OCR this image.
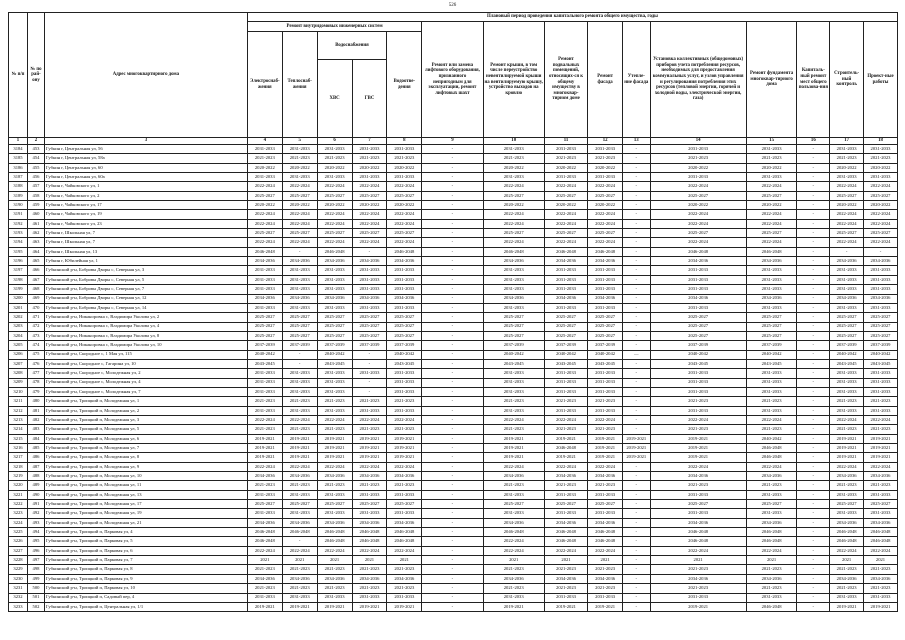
526
№ п/п	№ по рай-ону	Адрес многоквартирного дома	Плановый период проведения капитального ремонта общего имущества, годы														
			Ремонт внутридомовых инженерных систем					Ремонт или замена лифтового оборудования, признанного непригодным для эксплуатации, ремонт лифтовых шахт	Ремонт крыши, в том числе переустройство невентилируемой крыши на вентилируемую крышу, устройство выходов на кровлю	Ремонт подвальных помещений, относящих-ся к общему имуществу в многоквар-тирном доме	Ремонт фасада	Утепле-ние фасада	Установка коллективных (общедомовых) приборов учета потребления ресурсов, необходимых для предоставления коммунальных услуг, и узлов управления и регулирования потребления этих ресурсов (тепловой энергии, горячей и холодной воды, электрической энергии, газа)	Ремонт фундамента многоквар-тирного дома	Капиталь-ный ремонт мест общего пользова-ния	Строитель-ный контроль	Проект-ные работы
			Электроснаб-жения	Теплоснаб-жения	Водоснабжения		Водоотве-дения										
					ХВС	ГВС											
1	2	3	4	5	6	7	8	9	10	11	12	13	14	15	16	17	18
3184	453	Губкин г, Центральная ул, 56	2031-2033	2031-2033	2031-2033	2031-2033	2031-2033	-	2031-2033	2031-2033	2031-2033	-	2031-2033	2031-2033	-	2031-2033	2031-2033
3185	454	Губкин г, Центральная ул, 58а	2021-2023	2021-2023	2021-2023	2021-2023	2021-2023	-	2021-2023	2021-2023	2021-2023	-	2021-2023	2021-2023	-	2021-2023	2021-2023
3186	455	Губкин г, Центральная ул, 60	2020-2022	2020-2022	2020-2022	2020-2022	2020-2022	-	2020-2022	2020-2022	2020-2022	-	2020-2022	2020-2022	-	2020-2022	2020-2022
3187	456	Губкин г, Центральная ул, 60а	2031-2033	2031-2033	2031-2033	2031-2033	2031-2033	-	2031-2033	2031-2033	2031-2033	-	2031-2033	2031-2033	-	2031-2033	2031-2033
3188	457	Губкин г, Чайковского ул, 1	2022-2024	2022-2024	2022-2024	2022-2024	2022-2024	-	2022-2024	2022-2024	2022-2024	-	2022-2024	2022-2024	-	2022-2024	2022-2024
3189	458	Губкин г, Чайковского ул, 2	2025-2027	2025-2027	2025-2027	2025-2027	2025-2027	-	2025-2027	2025-2027	2025-2027	-	2025-2027	2025-2027	-	2025-2027	2025-2027
3190	459	Губкин г, Чайковского ул, 17	2020-2022	2020-2022	2020-2022	2020-2022	2020-2022	-	2020-2022	2020-2022	2020-2022	-	2020-2022	2020-2022	-	2020-2022	2020-2022
3191	460	Губкин г, Чайковского ул, 19	2022-2024	2022-2024	2022-2024	2022-2024	2022-2024	-	2022-2024	2022-2024	2022-2024	-	2022-2024	2022-2024	-	2022-2024	2022-2024
3192	461	Губкин г, Чайковского ул, 23	2022-2024	2022-2024	2022-2024	2022-2024	2022-2024	-	2022-2024	2022-2024	2022-2024	-	2022-2024	2022-2024	-	2022-2024	2022-2024
3193	462	Губкин г, Школьная ул, 7	2025-2027	2025-2027	2025-2027	2025-2027	2025-2027	-	2025-2027	2025-2027	2025-2027	-	2025-2027	2025-2027	-	2025-2027	2025-2027
3194	463	Губкин г, Школьная ул, 7	2022-2024	2022-2024	2022-2024	2022-2024	2022-2024	-	2022-2024	2022-2024	2022-2024	-	2022-2024	2022-2024	-	2022-2024	2022-2024
3195	464	Губкин г, Школьная ул, 13	2046-2048	-	2046-2048	-	2046-2048	-	2046-2048	2046-2048	2046-2048	-	2046-2048	2046-2048	-	-	-
3196	465	Губкин г, Юбилейная ул, 1	2034-2036	2034-2036	2034-2036	2034-2036	2034-2036	-	2034-2036	2034-2036	2034-2036	-	2034-2036	2034-2036	-	2034-2036	2034-2036
3197	466	Губкинский р-н, Бобровы Дворы с, Северная ул, 3	2031-2033	2031-2033	2031-2033	2031-2033	2031-2033	-	2031-2033	2031-2033	2031-2033	-	2031-2033	2031-2033	-	2031-2033	2031-2033
3198	467	Губкинский р-н, Бобровы Дворы с, Северная ул, 5	2031-2033	2031-2033	2031-2033	2031-2033	2031-2033	-	2031-2033	2031-2033	2031-2033	-	2031-2033	2031-2033	-	2031-2033	2031-2033
3199	468	Губкинский р-н, Бобровы Дворы с, Северная ул, 7	2031-2033	2031-2033	2031-2033	2031-2033	2031-2033	-	2031-2033	2031-2033	2031-2033	-	2031-2033	2031-2033	-	2031-2033	2031-2033
3200	469	Губкинский р-н, Бобровы Дворы с, Северная ул, 12	2034-2036	2034-2036	2034-2036	2034-2036	2034-2036	-	2034-2036	2034-2036	2034-2036	-	2034-2036	2034-2036	-	2034-2036	2034-2036
3201	470	Губкинский р-н, Бобровы Дворы с, Северная ул, 14	2031-2033	2031-2033	2031-2033	2031-2033	2031-2033	-	2031-2033	2031-2033	2031-2033	-	2031-2033	2031-2033	-	2031-2033	2031-2033
3202	471	Губкинский р-н, Никаноровка с, Владимира Уколова ул, 2	2025-2027	2025-2027	2025-2027	2025-2027	2025-2027	-	2025-2027	2025-2027	2025-2027	-	2025-2027	2025-2027	-	2025-2027	2025-2027
3203	472	Губкинский р-н, Никаноровка с, Владимира Уколова ул, 4	2025-2027	2025-2027	2025-2027	2025-2027	2025-2027	-	2025-2027	2025-2027	2025-2027	-	2025-2027	2025-2027	-	2025-2027	2025-2027
3204	473	Губкинский р-н, Никаноровка с, Владимира Уколова ул, 8	2025-2027	2025-2027	2025-2027	2025-2027	2025-2027	-	2025-2027	2025-2027	2025-2027	-	2025-2027	2025-2027	-	2025-2027	2025-2027
3205	474	Губкинский р-н, Никаноровка с, Владимира Уколова ул, 10	2037-2039	2037-2039	2037-2039	2037-2039	2037-2039	-	2037-2039	2037-2039	2037-2039	-	2037-2039	2037-2039	-	2037-2039	2037-2039
3206	475	Губкинский р-н, Скородное с, 1 Мая ул, 115	2040-2042	-	2040-2042	-	2040-2042	-	2040-2042	2040-2042	2040-2042	—	2040-2042	2040-2042	-	2040-2042	2040-2042
3207	476	Губкинский р-н, Скородное с, Гагарина ул, 10	2043-2045	-	2043-2045	-	2043-2045	-	2043-2045	2043-2045	2043-2045	-	2043-2045	2043-2045	-	2043-2045	2043-2045
3208	477	Губкинский р-н, Скородное с, Молодежная ул, 2	2031-2033	2031-2033	2031-2033	2031-2033	2031-2033	-	2031-2033	2031-2033	2031-2033	-	2031-2033	2031-2033	-	2031-2033	2031-2033
3209	478	Губкинский р-н, Скородное с, Молодежная ул, 4	2031-2033	2031-2033	2031-2033	-	2031-2033	-	2031-2033	2031-2033	2031-2033	-	2031-2033	2031-2033	-	2031-2033	2031-2033
3210	479	Губкинский р-н, Скородное с, Молодежная ул, 7	2031-2033	2031-2033	2031-2033	-	2031-2033	-	2031-2033	2031-2033	2031-2033	-	2031-2033	2031-2033	-	2031-2033	2031-2033
3211	480	Губкинский р-н, Троицкий п, Молодежная ул, 1	2021-2023	2021-2023	2021-2023	2021-2023	2021-2023	-	2021-2023	2021-2023	2021-2023	-	2021-2023	2021-2023	-	2021-2023	2021-2023
3212	481	Губкинский р-н, Троицкий п, Молодежная ул, 2	2031-2033	2031-2033	2031-2033	2031-2033	2031-2033	-	2031-2033	2031-2033	2031-2033	-	2031-2033	2031-2033	-	2031-2033	2031-2033
3213	482	Губкинский р-н, Троицкий п, Молодежная ул, 3	2022-2024	2022-2024	2022-2024	2022-2024	2022-2024	-	2022-2024	2022-2024	2022-2024	-	2022-2024	2022-2024	-	2022-2024	2022-2024
3214	483	Губкинский р-н, Троицкий п, Молодежная ул, 5	2021-2023	2021-2023	2021-2023	2021-2023	2021-2023	-	2021-2023	2021-2023	2021-2023	-	2021-2023	2021-2023	-	2021-2023	2021-2023
3215	484	Губкинский р-н, Троицкий п, Молодежная ул, 6	2019-2021	2019-2021	2019-2021	2019-2021	2019-2021	-	2019-2021	2019-2021	2019-2021	2019-2021	2019-2021	2040-2042	-	2019-2021	2019-2021
3216	485	Губкинский р-н, Троицкий п, Молодежная ул, 7	2019-2021	2019-2021	2019-2021	2019-2021	2019-2021	-	2019-2021	2046-2048	2019-2021	2019-2021	2019-2021	2046-2048	-	2019-2021	2019-2021
3217	486	Губкинский р-н, Троицкий п, Молодежная ул, 8	2019-2021	2019-2021	2019-2021	2019-2021	2019-2021	-	2019-2021	2019-2021	2019-2021	2019-2021	2019-2021	2046-2048	-	2019-2021	2019-2021
3218	487	Губкинский р-н, Троицкий п, Молодежная ул, 9	2022-2024	2022-2024	2022-2024	2022-2024	2022-2024	-	2022-2024	2022-2024	2022-2024	-	2022-2024	2022-2024	-	2022-2024	2022-2024
3219	488	Губкинский р-н, Троицкий п, Молодежная ул, 10	2034-2036	2034-2036	2034-2036	2034-2036	2034-2036	-	2034-2036	2034-2036	2034-2036	-	2034-2036	2034-2036	-	2034-2036	2034-2036
3220	489	Губкинский р-н, Троицкий п, Молодежная ул, 11	2021-2023	2021-2023	2021-2023	2021-2023	2021-2023	-	2021-2023	2021-2023	2021-2023	-	2021-2023	2021-2023	-	2021-2023	2021-2023
3221	490	Губкинский р-н, Троицкий п, Молодежная ул, 13	2031-2033	2031-2033	2031-2033	2031-2033	2031-2033	-	2031-2033	2031-2033	2031-2033	-	2031-2033	2031-2033	-	2031-2033	2031-2033
3222	491	Губкинский р-н, Троицкий п, Молодежная ул, 17	2025-2027	2025-2027	2025-2027	2025-2027	2025-2027	-	2025-2027	2025-2027	2025-2027	-	2025-2027	2025-2027	-	2025-2027	2025-2027
3223	492	Губкинский р-н, Троицкий п, Молодежная ул, 19	2031-2033	2031-2033	2031-2033	2031-2033	2031-2033	-	2031-2033	2031-2033	2031-2033	-	2031-2033	2031-2033	-	2031-2033	2031-2033
3224	493	Губкинский р-н, Троицкий п, Молодежная ул, 21	2034-2036	2034-2036	2034-2036	2034-2036	2034-2036	-	2034-2036	2034-2036	2034-2036	-	2034-2036	2034-2036	-	2034-2036	2034-2036
3225	494	Губкинский р-н, Троицкий п, Парковая ул, 4	2046-2048	2046-2048	2046-2048	2046-2048	2046-2048	-	2046-2048	2046-2048	2046-2048	-	2046-2048	2046-2048	-	2046-2048	2046-2048
3226	495	Губкинский р-н, Троицкий п, Парковая ул, 5	2046-2048	-	2046-2048	2046-2048	2046-2048	-	2022-2024	2046-2048	2046-2048	-	2046-2048	2046-2048	-	2046-2048	2046-2048
3227	496	Губкинский р-н, Троицкий п, Парковая ул, 6	2022-2024	2022-2024	2022-2024	2022-2024	2022-2024	-	2022-2024	2022-2024	2022-2024	-	2022-2024	2022-2024	-	2022-2024	2022-2024
3228	497	Губкинский р-н, Троицкий п, Парковая ул, 7	2021	2021	2021	2021	2021	-	2021	2021	2021	-	2021	2021	-	2021	2021
3229	498	Губкинский р-н, Троицкий п, Парковая ул, 8	2021-2023	2021-2023	2021-2023	2021-2023	2021-2023	-	2021-2023	2021-2023	2021-2023	-	2021-2023	2021-2023	-	2021-2023	2021-2023
3230	499	Губкинский р-н, Троицкий п, Парковая ул, 9	2034-2036	2034-2036	2034-2036	2034-2036	2034-2036	-	2034-2036	2034-2036	2034-2036	-	2034-2036	2034-2036	-	2034-2036	2034-2036
3231	500	Губкинский р-н, Троицкий п, Парковая ул, 10	2021-2023	2021-2023	2021-2023	2021-2023	2021-2023	-	2021-2023	2021-2023	2021-2023	-	2021-2023	2021-2023	-	2021-2023	2021-2023
3232	501	Губкинский р-н, Троицкий п, Садовый пер, 4	2031-2033	2031-2033	2031-2033	2031-2033	2031-2033	-	2031-2033	2031-2033	2031-2033	-	2031-2033	2031-2033	-	2031-2033	2031-2033
3233	502	Губкинский р-н, Троицкий п, Центральная ул, 1/1	2019-2021	2019-2021	2019-2021	2019-2021	2019-2021	-	2019-2021	2019-2021	2019-2021	-	2019-2021	2046-2048	-	2019-2021	2019-2021
